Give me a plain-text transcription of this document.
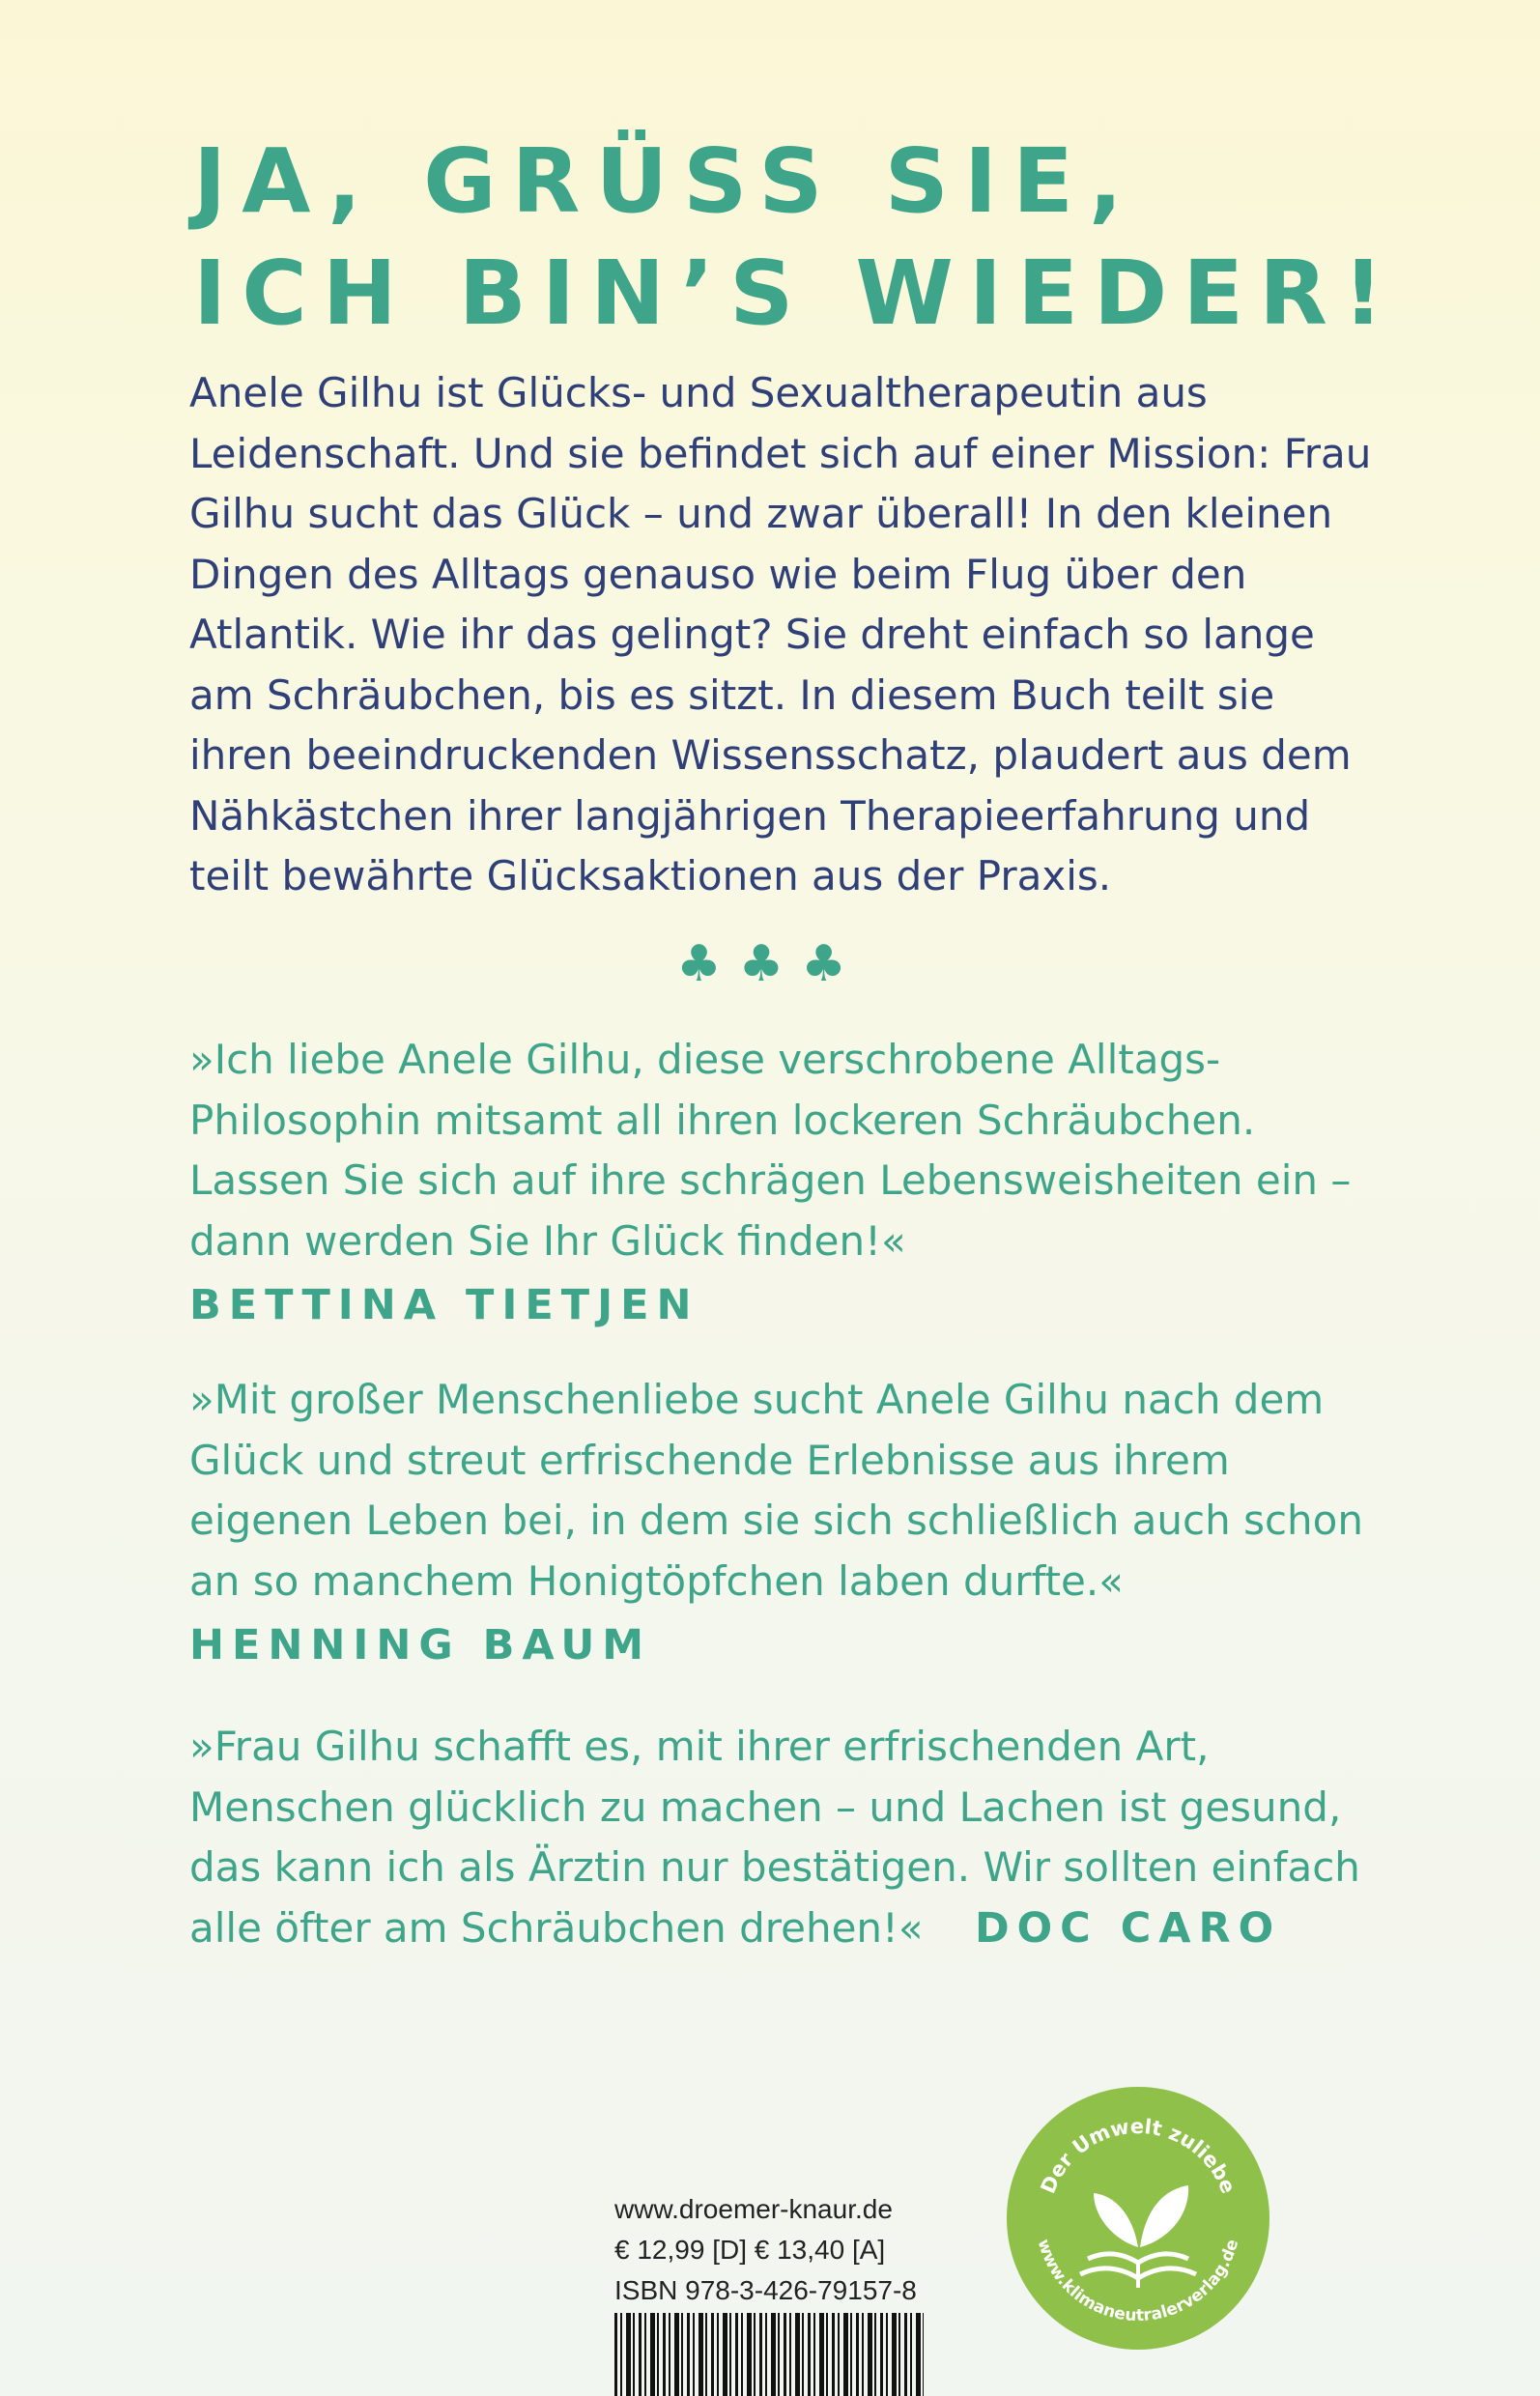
JA, GRÜSS SIE,
ICH BIN’S WIEDER!

Anele Gilhu ist Glücks- und Sexualtherapeutin aus Leidenschaft. Und sie befindet sich auf einer Mission: Frau Gilhu sucht das Glück – und zwar überall! In den kleinen Dingen des Alltags genauso wie beim Flug über den Atlantik. Wie ihr das gelingt? Sie dreht einfach so lange am Schräubchen, bis es sitzt. In diesem Buch teilt sie ihren beeindruckenden Wissensschatz, plaudert aus dem Nähkästchen ihrer langjährigen Therapieerfahrung und teilt bewährte Glücksaktionen aus der Praxis.

♣♣♣

»Ich liebe Anele Gilhu, diese verschrobene Alltags-Philosophin mitsamt all ihren lockeren Schräubchen. Lassen Sie sich auf ihre schrägen Lebensweisheiten ein – dann werden Sie Ihr Glück finden!«
BETTINA TIETJEN

»Mit großer Menschenliebe sucht Anele Gilhu nach dem Glück und streut erfrischende Erlebnisse aus ihrem eigenen Leben bei, in dem sie sich schließlich auch schon an so manchem Honigtöpfchen laben durfte.«
HENNING BAUM

»Frau Gilhu schafft es, mit ihrer erfrischenden Art, Menschen glücklich zu machen – und Lachen ist gesund, das kann ich als Ärztin nur bestätigen. Wir sollten einfach alle öfter am Schräubchen drehen!« DOC CARO

www.droemer-knaur.de
€ 12,99 [D] € 13,40 [A]
ISBN 978-3-426-79157-8
Der Umwelt zuliebe
www.klimaneutralerverlag.de
